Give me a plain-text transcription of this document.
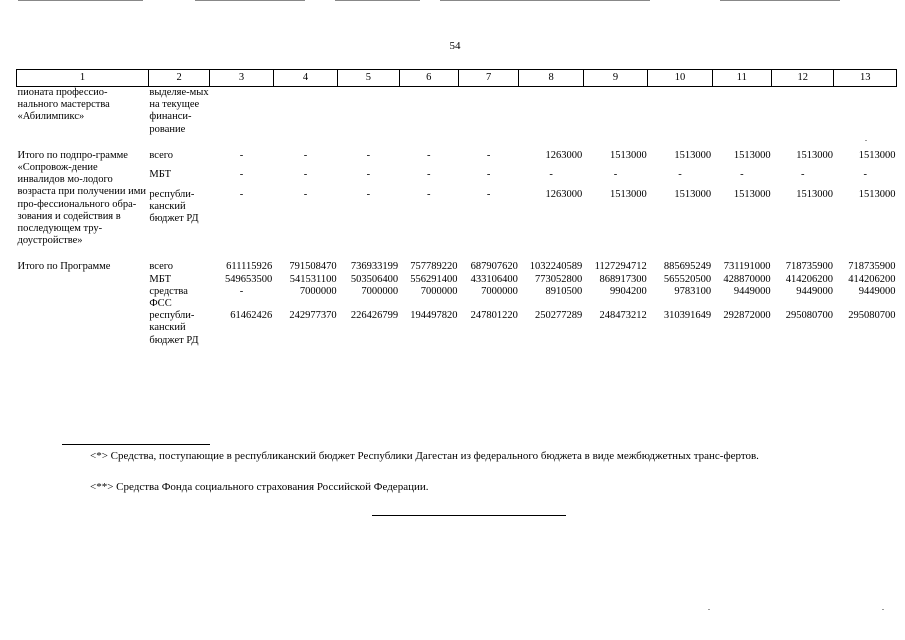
54
1	2	3	4	5	6	7	8	9	10	11	12	13
пионата профессио-нального мастерства «Абилимпикс»	выделяе-мых на текущее финанси-рование											

Итого по подпро-грамме «Сопровож-дение инвалидов мо-лодого возраста при получении ими про-фессионального обра-зования и содействия в последующем тру-доустройстве»	всего	-	-	-	-	-	1263000	1513000	1513000	1513000	1513000	1513000
	МБТ	-	-	-	-	-	-	-	-	-	-	-
	республи-канский бюджет РД	-	-	-	-	-	1263000	1513000	1513000	1513000	1513000	1513000

Итого по Программе	всего	611115926	791508470	736933199	757789220	687907620	1032240589	1127294712	885695249	731191000	718735900	718735900
	МБТ	549653500	541531100	503506400	556291400	433106400	773052800	868917300	565520500	428870000	414206200	414206200
	средства ФСС	-	7000000	7000000	7000000	7000000	8910500	9904200	9783100	9449000	9449000	9449000
	республи-канский бюджет РД	61462426	242977370	226426799	194497820	247801220	250277289	248473212	310391649	292872000	295080700	295080700
<*> Средства, поступающие в республиканский бюджет Республики Дагестан из федерального бюджета в виде межбюджетных транс-фертов.
<**> Средства Фонда социального страхования Российской Федерации.
